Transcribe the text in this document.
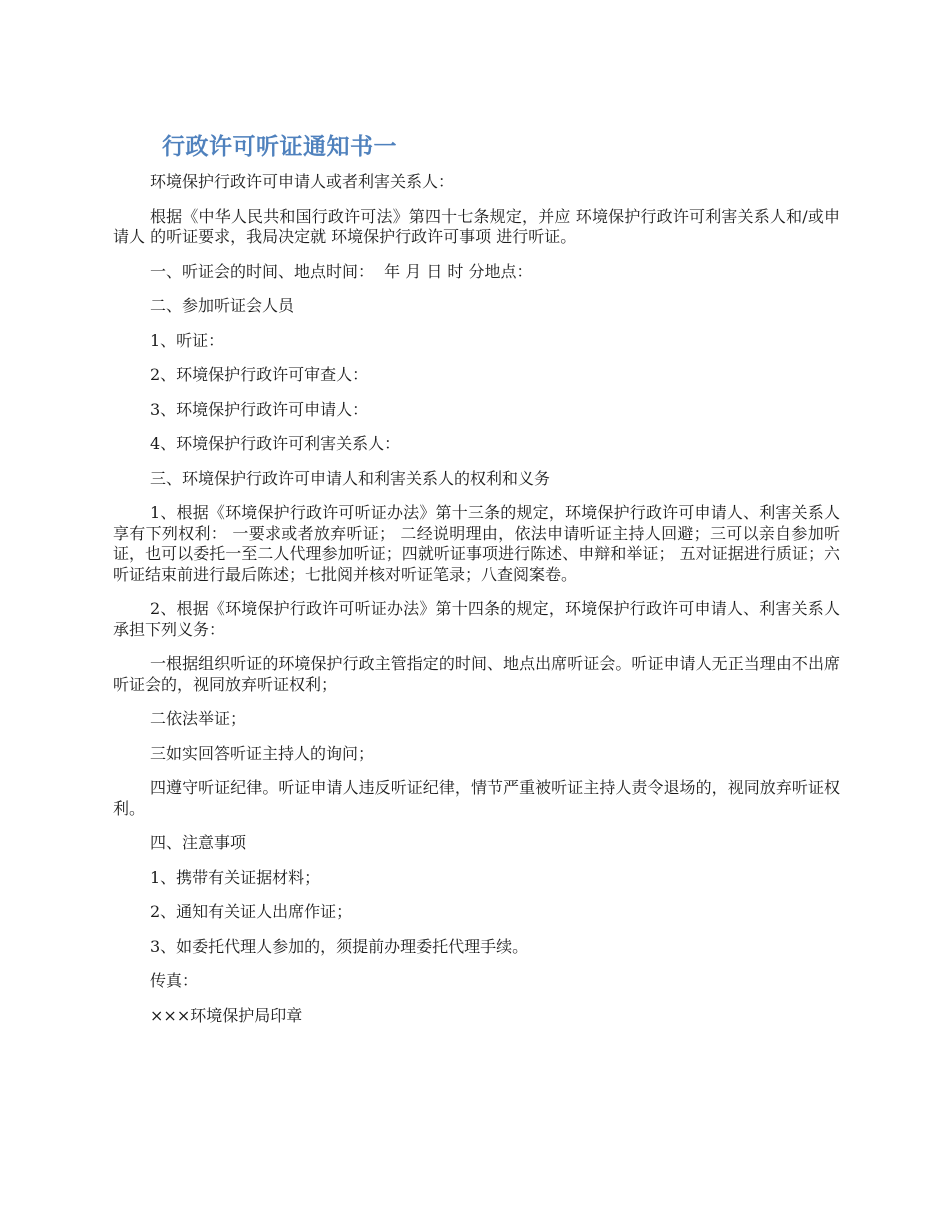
行政许可听证通知书一

环境保护行政许可申请人或者利害关系人：

根据《中华人民共和国行政许可法》第四十七条规定，并应 环境保护行政许可利害关系人和/或申请人 的听证要求，我局决定就 环境保护行政许可事项 进行听证。

一、听证会的时间、地点时间：  年 月 日 时 分地点：

二、参加听证会人员

1、听证：

2、环境保护行政许可审查人：

3、环境保护行政许可申请人：

4、环境保护行政许可利害关系人：

三、环境保护行政许可申请人和利害关系人的权利和义务

1、根据《环境保护行政许可听证办法》第十三条的规定，环境保护行政许可申请人、利害关系人享有下列权利： 一要求或者放弃听证； 二经说明理由，依法申请听证主持人回避；三可以亲自参加听证，也可以委托一至二人代理参加听证；四就听证事项进行陈述、申辩和举证； 五对证据进行质证；六听证结束前进行最后陈述；七批阅并核对听证笔录；八查阅案卷。

2、根据《环境保护行政许可听证办法》第十四条的规定，环境保护行政许可申请人、利害关系人承担下列义务：

一根据组织听证的环境保护行政主管指定的时间、地点出席听证会。听证申请人无正当理由不出席听证会的，视同放弃听证权利；

二依法举证；

三如实回答听证主持人的询问；

四遵守听证纪律。听证申请人违反听证纪律，情节严重被听证主持人责令退场的，视同放弃听证权利。

四、注意事项

1、携带有关证据材料；

2、通知有关证人出席作证；

3、如委托代理人参加的，须提前办理委托代理手续。

传真：

×××环境保护局印章
